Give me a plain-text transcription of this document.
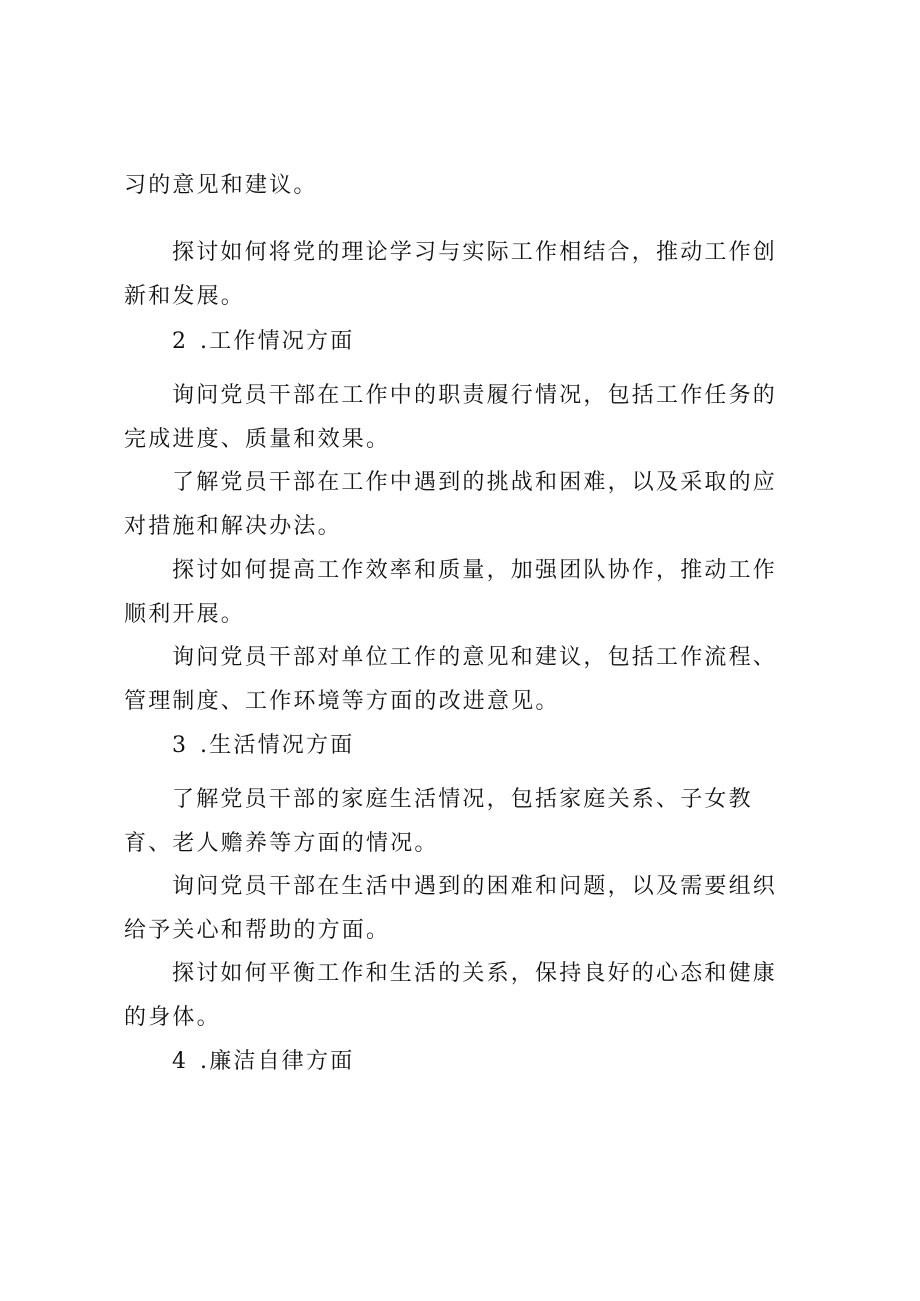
习的意见和建议。

探讨如何将党的理论学习与实际工作相结合，推动工作创新和发展。

2 .工作情况方面

询问党员干部在工作中的职责履行情况，包括工作任务的完成进度、质量和效果。

了解党员干部在工作中遇到的挑战和困难，以及采取的应对措施和解决办法。

探讨如何提高工作效率和质量，加强团队协作，推动工作顺利开展。

询问党员干部对单位工作的意见和建议，包括工作流程、管理制度、工作环境等方面的改进意见。

3 .生活情况方面

了解党员干部的家庭生活情况，包括家庭关系、子女教育、老人赡养等方面的情况。

询问党员干部在生活中遇到的困难和问题，以及需要组织给予关心和帮助的方面。

探讨如何平衡工作和生活的关系，保持良好的心态和健康的身体。

4 .廉洁自律方面
